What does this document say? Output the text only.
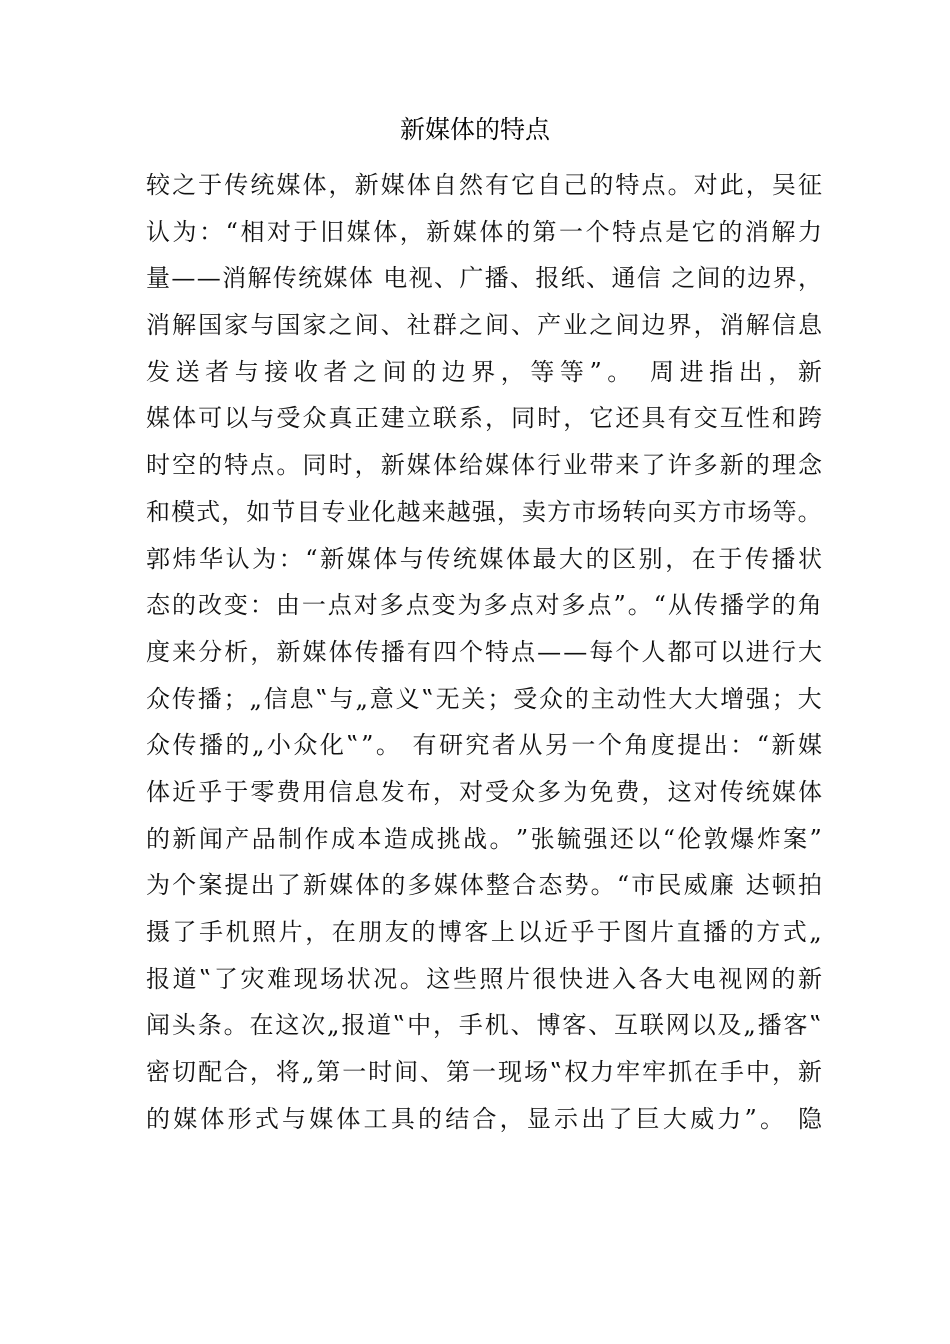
新媒体的特点
较 之 于 传 统 媒 体 ， 新 媒 体 自 然 有 它 自 己 的 特 点 。 对 此 ， 吴 征
认 为 ： “ 相 对 于 旧 媒 体 ， 新 媒 体 的 第 一 个 特 点 是 它 的 消 解 力
量 — — 消 解 传 统 媒 体
电 视 、 广 播 、 报 纸 、 通 信
之 间 的 边 界 ，
消 解 国 家 与 国 家 之 间 、 社 群 之 间 、 产 业 之 间 边 界 ， 消 解 信 息
发 送 者 与 接 收 者 之 间 的 边 界 ， 等 等 ” 。
周 进 指 出 ， 新
媒 体 可 以 与 受 众 真 正 建 立 联 系 ， 同 时 ， 它 还 具 有 交 互 性 和 跨
时 空 的 特 点 。 同 时 ， 新 媒 体 给 媒 体 行 业 带 来 了 许 多 新 的 理 念
和 模 式 ， 如 节 目 专 业 化 越 来 越 强 ， 卖 方 市 场 转 向 买 方 市 场 等 。
郭 炜 华 认 为 ： “ 新 媒 体 与 传 统 媒 体 最 大 的 区 别 ， 在 于 传 播 状
态 的 改 变 ： 由 一 点 对 多 点 变 为 多 点 对 多 点 ” 。 “ 从 传 播 学 的 角
度 来 分 析 ， 新 媒 体 传 播 有 四 个 特 点 — — 每 个 人 都 可 以 进 行 大
众 传 播 ； „ 信 息 ‟ 与 „ 意 义 ‟ 无 关 ； 受 众 的 主 动 性 大 大 增 强 ； 大
众 传 播 的 „ 小 众 化 ‟ ” 。
有 研 究 者 从 另 一 个 角 度 提 出 ： “ 新 媒
体 近 乎 于 零 费 用 信 息 发 布 ， 对 受 众 多 为 免 费 ， 这 对 传 统 媒 体
的 新 闻 产 品 制 作 成 本 造 成 挑 战 。 ” 张 毓 强 还 以 “ 伦 敦 爆 炸 案 ”
为 个 案 提 出 了 新 媒 体 的 多 媒 体 整 合 态 势 。 “ 市 民 威 廉
达 顿 拍
摄 了 手 机 照 片 ， 在 朋 友 的 博 客 上 以 近 乎 于 图 片 直 播 的 方 式 „
报 道 ‟ 了 灾 难 现 场 状 况 。 这 些 照 片 很 快 进 入 各 大 电 视 网 的 新
闻 头 条 。 在 这 次 „ 报 道 ‟ 中 ， 手 机 、 博 客 、 互 联 网 以 及 „ 播 客 ‟
密 切 配 合 ， 将 „ 第 一 时 间 、 第 一 现 场 ‟ 权 力 牢 牢 抓 在 手 中 ， 新
的 媒 体 形 式 与 媒 体 工 具 的 结 合 ， 显 示 出 了 巨 大 威 力 ” 。
隐
